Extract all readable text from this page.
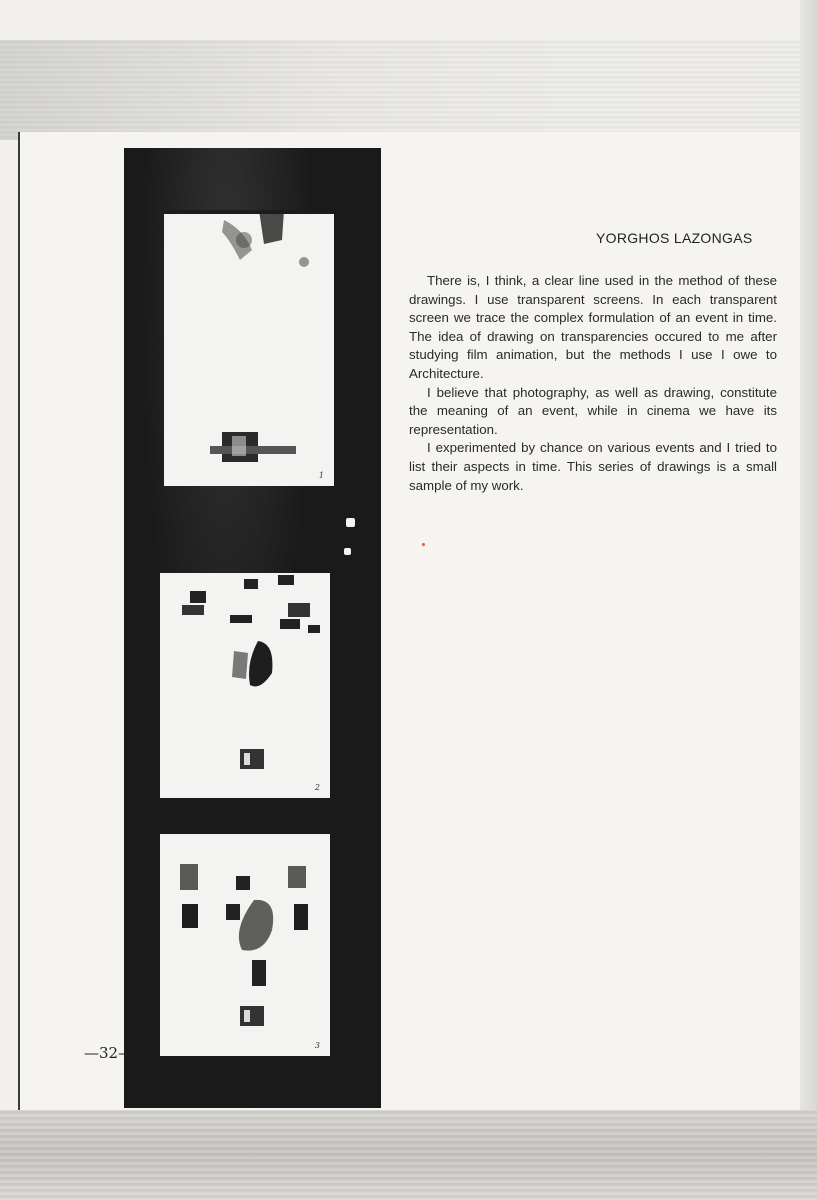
1
2
3
YORGHOS LAZONGAS

There is, I think, a clear line used in the method of these drawings. I use transparent screens. In each transparent screen we trace the complex formulation of an event in time. The idea of drawing on transparencies occured to me after studying film animation, but the methods I use I owe to Architecture.

I believe that photography, as well as drawing, constitute the meaning of an event, while in cinema we have its representation.

I experimented by chance on various events and I tried to list their aspects in time. This series of drawings is a small sample of my work.

—32—
